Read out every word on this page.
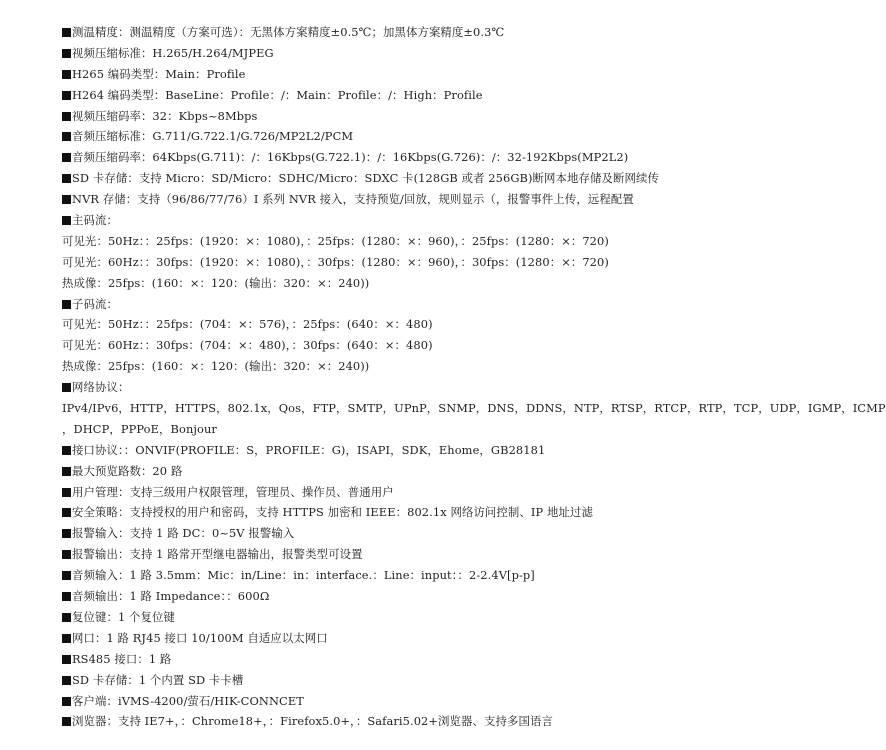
测温精度：测温精度（方案可选）：无黑体方案精度±0.5℃；加黑体方案精度±0.3℃
视频压缩标准：H.265/H.264/MJPEG
H265 编码类型：Main：Profile
H264 编码类型：BaseLine：Profile：/：Main：Profile：/：High：Profile
视频压缩码率：32：Kbps~8Mbps
音频压缩标准：G.711/G.722.1/G.726/MP2L2/PCM
音频压缩码率：64Kbps(G.711)：/：16Kbps(G.722.1)：/：16Kbps(G.726)：/：32-192Kbps(MP2L2)
SD 卡存储：支持 Micro：SD/Micro：SDHC/Micro：SDXC 卡(128GB 或者 256GB)断网本地存储及断网续传
NVR 存储：支持（96/86/77/76）I 系列 NVR 接入，支持预览/回放，规则显示（，报警事件上传，远程配置
主码流：
可见光：50Hz：：25fps：(1920：×：1080)，：25fps：(1280：×：960)，：25fps：(1280：×：720)
可见光：60Hz：：30fps：(1920：×：1080)，：30fps：(1280：×：960)，：30fps：(1280：×：720)
热成像：25fps：(160：×：120：(输出：320：×：240))
子码流：
可见光：50Hz：：25fps：(704：×：576)，：25fps：(640：×：480)
可见光：60Hz：：30fps：(704：×：480)，：30fps：(640：×：480)
热成像：25fps：(160：×：120：(输出：320：×：240))
网络协议：
IPv4/IPv6，HTTP，HTTPS，802.1x，Qos，FTP，SMTP，UPnP，SNMP，DNS，DDNS，NTP，RTSP，RTCP，RTP，TCP，UDP，IGMP，ICMP
，DHCP，PPPoE，Bonjour
接口协议：：ONVIF(PROFILE：S，PROFILE：G)，ISAPI，SDK，Ehome，GB28181
最大预览路数：20 路
用户管理：支持三级用户权限管理，管理员、操作员、普通用户
安全策略：支持授权的用户和密码，支持 HTTPS 加密和 IEEE：802.1x 网络访问控制、IP 地址过滤
报警输入：支持 1 路 DC：0~5V 报警输入
报警输出：支持 1 路常开型继电器输出，报警类型可设置
音频输入：1 路 3.5mm：Mic：in/Line：in：interface.：Line：input：：2-2.4V[p-p]
音频输出：1 路 Impedance：：600Ω
复位键：1 个复位键
网口：1 路 RJ45 接口 10/100M 自适应以太网口
RS485 接口：1 路
SD 卡存储：1 个内置 SD 卡卡槽
客户端：iVMS-4200/萤石/HIK-CONNCET
浏览器：支持 IE7+，：Chrome18+，：Firefox5.0+，：Safari5.02+浏览器、支持多国语言
